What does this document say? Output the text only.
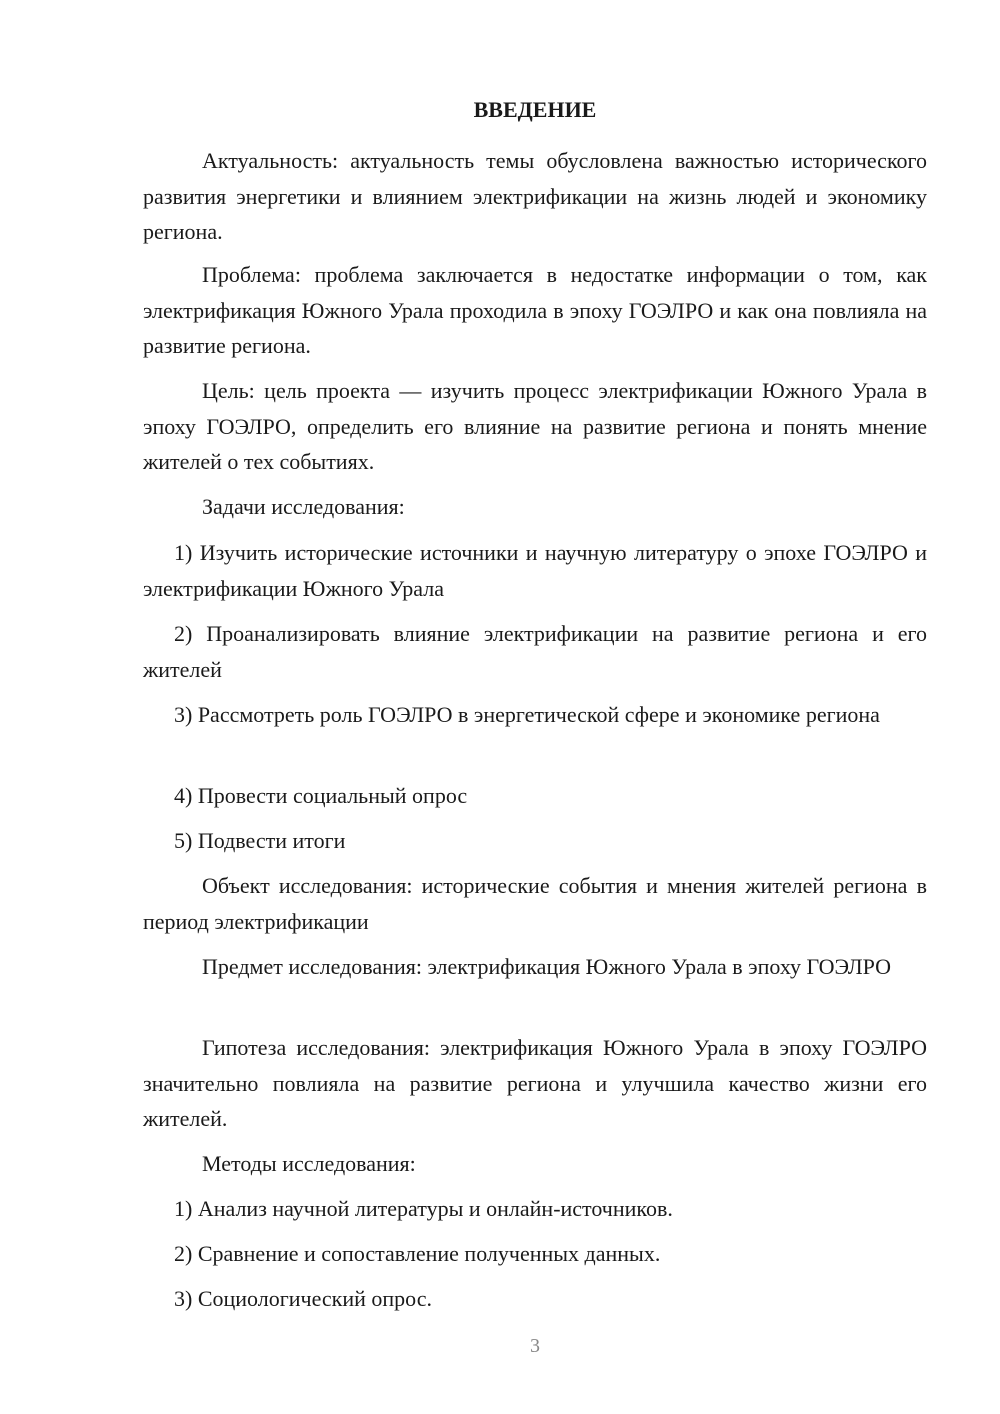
ВВЕДЕНИЕ

Актуальность: актуальность темы обусловлена важностью исторического развития энергетики и влиянием электрификации на жизнь людей и экономику региона.

Проблема: проблема заключается в недостатке информации о том, как электрификация Южного Урала проходила в эпоху ГОЭЛРО и как она повлияла на развитие региона.

Цель: цель проекта — изучить процесс электрификации Южного Урала в эпоху ГОЭЛРО, определить его влияние на развитие региона и понять мнение жителей о тех событиях.

Задачи исследования:

1) Изучить исторические источники и научную литературу о эпохе ГОЭЛРО и электрификации Южного Урала

2) Проанализировать влияние электрификации на развитие региона и его жителей

3) Рассмотреть роль ГОЭЛРО в энергетической сфере и экономике региона

4) Провести социальный опрос

5) Подвести итоги

Объект исследования: исторические события и мнения жителей региона в период электрификации

Предмет исследования: электрификация Южного Урала в эпоху ГОЭЛРО

Гипотеза исследования: электрификация Южного Урала в эпоху ГОЭЛРО значительно повлияла на развитие региона и улучшила качество жизни его жителей.

Методы исследования:

1) Анализ научной литературы и онлайн-источников.

2) Сравнение и сопоставление полученных данных.

3) Социологический опрос.

3
